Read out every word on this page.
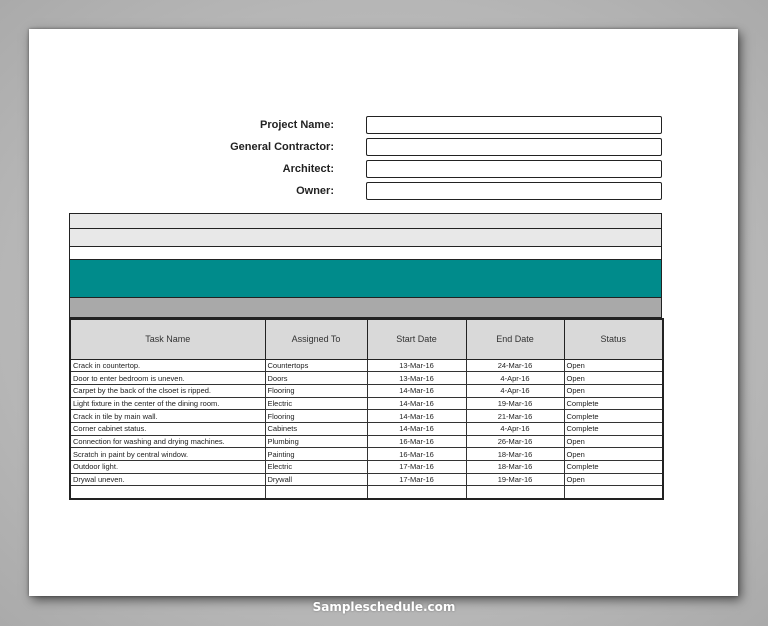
Project Name:
General Contractor:
Architect:
Owner:
Task Name	Assigned To	Start Date	End Date	Status
Crack in countertop.	Countertops	13-Mar-16	24-Mar-16	Open
Door to enter bedroom is uneven.	Doors	13-Mar-16	4-Apr-16	Open
Carpet by the back of the clsoet is ripped.	Flooring	14-Mar-16	4-Apr-16	Open
Light fixture in the center of the dining room.	Electric	14-Mar-16	19-Mar-16	Complete
Crack in tile by main wall.	Flooring	14-Mar-16	21-Mar-16	Complete
Corner cabinet status.	Cabinets	14-Mar-16	4-Apr-16	Complete
Connection for washing and drying machines.	Plumbing	16-Mar-16	26-Mar-16	Open
Scratch in paint by central window.	Painting	16-Mar-16	18-Mar-16	Open
Outdoor light.	Electric	17-Mar-16	18-Mar-16	Complete
Drywal uneven.	Drywall	17-Mar-16	19-Mar-16	Open

Sampleschedule.com
